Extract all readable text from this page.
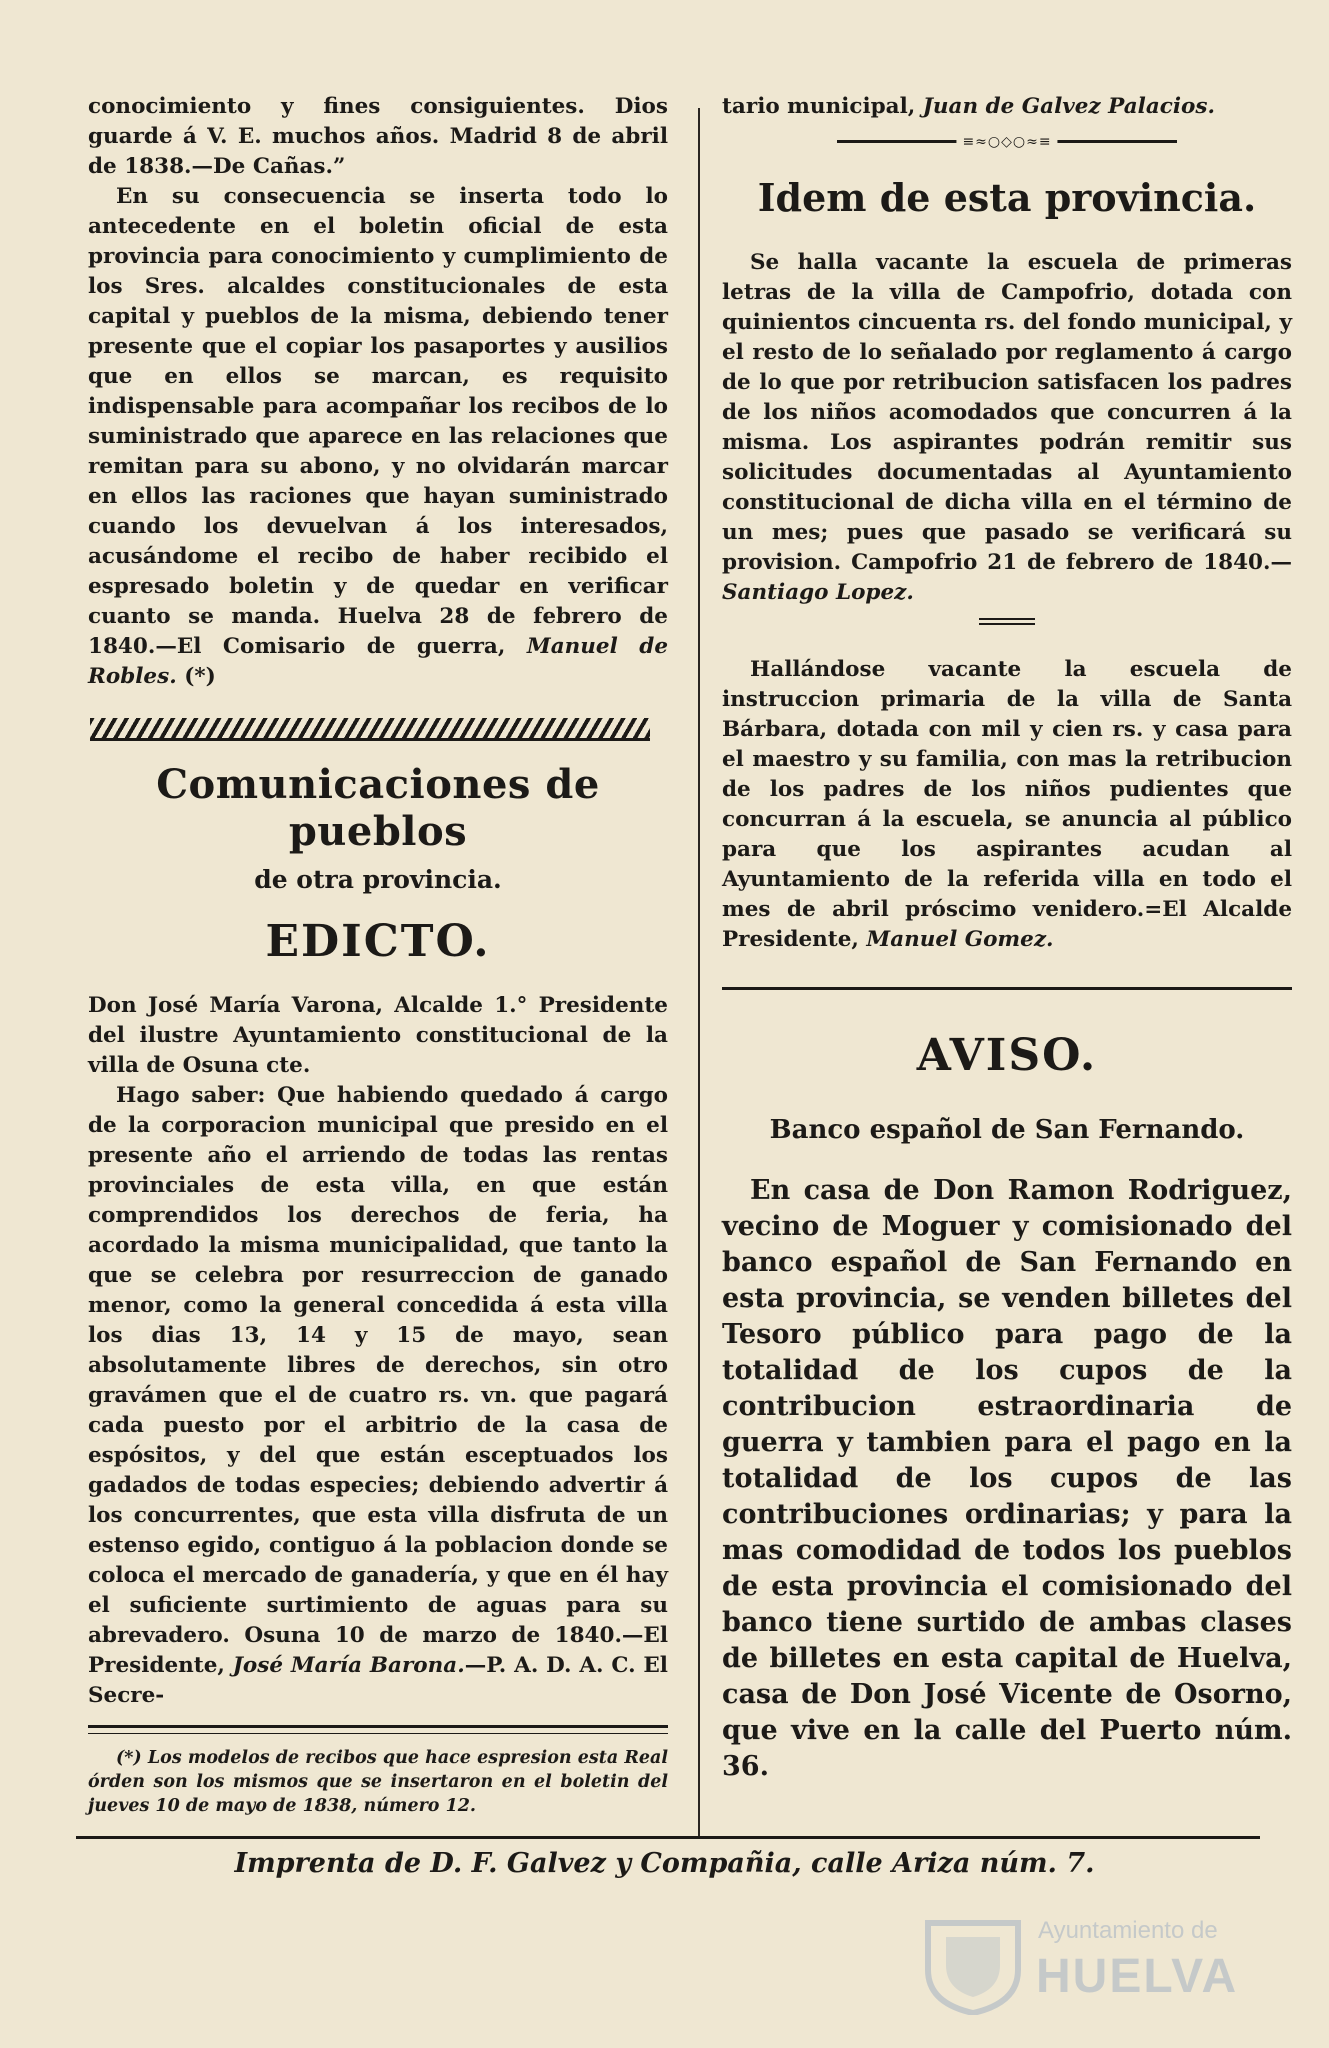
conocimiento y fines consiguientes. Dios guarde á V. E. muchos años. Madrid 8 de abril de 1838.—De Cañas.”

En su consecuencia se inserta todo lo antecedente en el boletin oficial de esta provincia para conocimiento y cumplimiento de los Sres. alcaldes constitucionales de esta capital y pueblos de la misma, debiendo tener presente que el copiar los pasaportes y ausilios que en ellos se marcan, es requisito indispensable para acompañar los recibos de lo suministrado que aparece en las relaciones que remitan para su abono, y no olvidarán marcar en ellos las raciones que hayan suministrado cuando los devuelvan á los interesados, acusándome el recibo de haber recibido el espresado boletin y de quedar en verificar cuanto se manda. Huelva 28 de febrero de 1840.—El Comisario de guerra, Manuel de Robles. (*)

Comunicaciones de pueblos
de otra provincia.
EDICTO.

Don José María Varona, Alcalde 1.° Presidente del ilustre Ayuntamiento constitucional de la villa de Osuna cte.

Hago saber: Que habiendo quedado á cargo de la corporacion municipal que presido en el presente año el arriendo de todas las rentas provinciales de esta villa, en que están comprendidos los derechos de feria, ha acordado la misma municipalidad, que tanto la que se celebra por resurreccion de ganado menor, como la general concedida á esta villa los dias 13, 14 y 15 de mayo, sean absolutamente libres de derechos, sin otro gravámen que el de cuatro rs. vn. que pagará cada puesto por el arbitrio de la casa de espósitos, y del que están esceptuados los gadados de todas especies; debiendo advertir á los concurrentes, que esta villa disfruta de un estenso egido, contiguo á la poblacion donde se coloca el mercado de ganadería, y que en él hay el suficiente surtimiento de aguas para su abrevadero. Osuna 10 de marzo de 1840.—El Presidente, José María Barona.—P. A. D. A. C. El Secre-

(*) Los modelos de recibos que hace espresion esta Real órden son los mismos que se insertaron en el boletin del jueves 10 de mayo de 1838, número 12.

tario municipal, Juan de Galvez Palacios.

≡≈○◇○≈≡
Idem de esta provincia.

Se halla vacante la escuela de primeras letras de la villa de Campofrio, dotada con quinientos cincuenta rs. del fondo municipal, y el resto de lo señalado por reglamento á cargo de lo que por retribucion satisfacen los padres de los niños acomodados que concurren á la misma. Los aspirantes podrán remitir sus solicitudes documentadas al Ayuntamiento constitucional de dicha villa en el término de un mes; pues que pasado se verificará su provision. Campofrio 21 de febrero de 1840.—Santiago Lopez.

Hallándose vacante la escuela de instruccion primaria de la villa de Santa Bárbara, dotada con mil y cien rs. y casa para el maestro y su familia, con mas la retribucion de los padres de los niños pudientes que concurran á la escuela, se anuncia al público para que los aspirantes acudan al Ayuntamiento de la referida villa en todo el mes de abril próscimo venidero.=El Alcalde Presidente, Manuel Gomez.

AVISO.
Banco español de San Fernando.

En casa de Don Ramon Rodriguez, vecino de Moguer y comisionado del banco español de San Fernando en esta provincia, se venden billetes del Tesoro público para pago de la totalidad de los cupos de la contribucion estraordinaria de guerra y tambien para el pago en la totalidad de los cupos de las contribuciones ordinarias; y para la mas comodidad de todos los pueblos de esta provincia el comisionado del banco tiene surtido de ambas clases de billetes en esta capital de Huelva, casa de Don José Vicente de Osorno, que vive en la calle del Puerto núm. 36.

Imprenta de D. F. Galvez y Compañia, calle Ariza núm. 7.
Ayuntamiento de
HUELVA
